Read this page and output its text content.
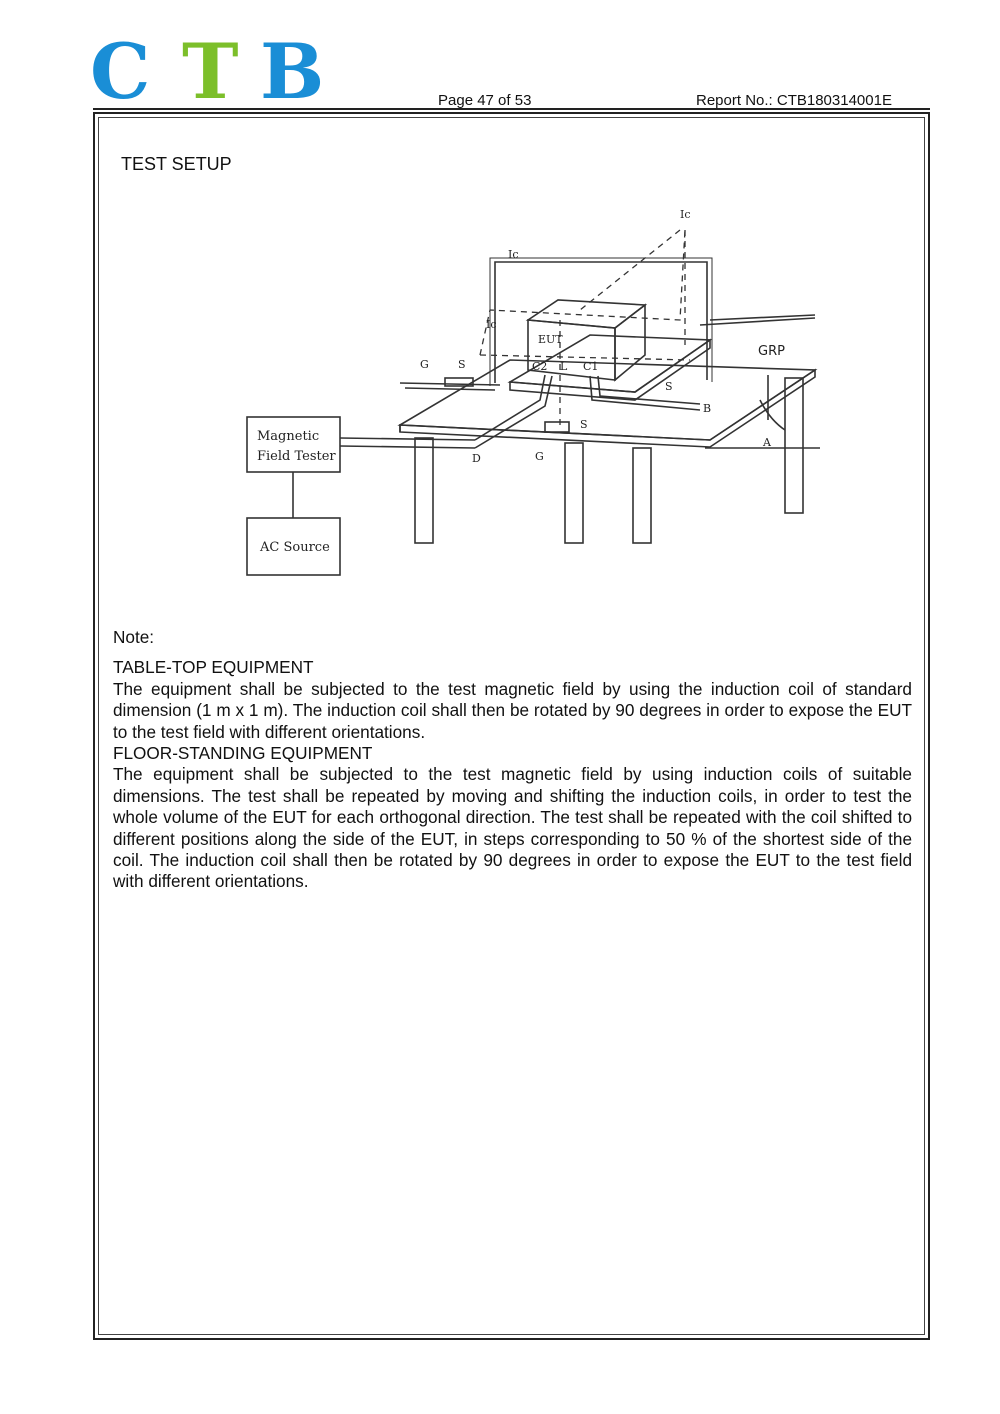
C T B	Page 47 of 53	Report No.: CTB180314001E
TEST SETUP
Magnetic
Field Tester
AC Source
EUT
GRP
Ic
Ic
Ic
G	S
G
S
S
B
D
A
C1
C2 L

Note:

TABLE-TOP EQUIPMENT

The equipment shall be subjected to the test magnetic field by using the induction coil of standard dimension (1 m x 1 m). The induction coil shall then be rotated by 90 degrees in order to expose the EUT to the test field with different orientations.

FLOOR-STANDING EQUIPMENT

The equipment shall be subjected to the test magnetic field by using induction coils of suitable dimensions. The test shall be repeated by moving and shifting the induction coils, in order to test the whole volume of the EUT for each orthogonal direction. The test shall be repeated with the coil shifted to different positions along the side of the EUT, in steps corresponding to 50 % of the shortest side of the coil. The induction coil shall then be rotated by 90 degrees in order to expose the EUT to the test field with different orientations.
